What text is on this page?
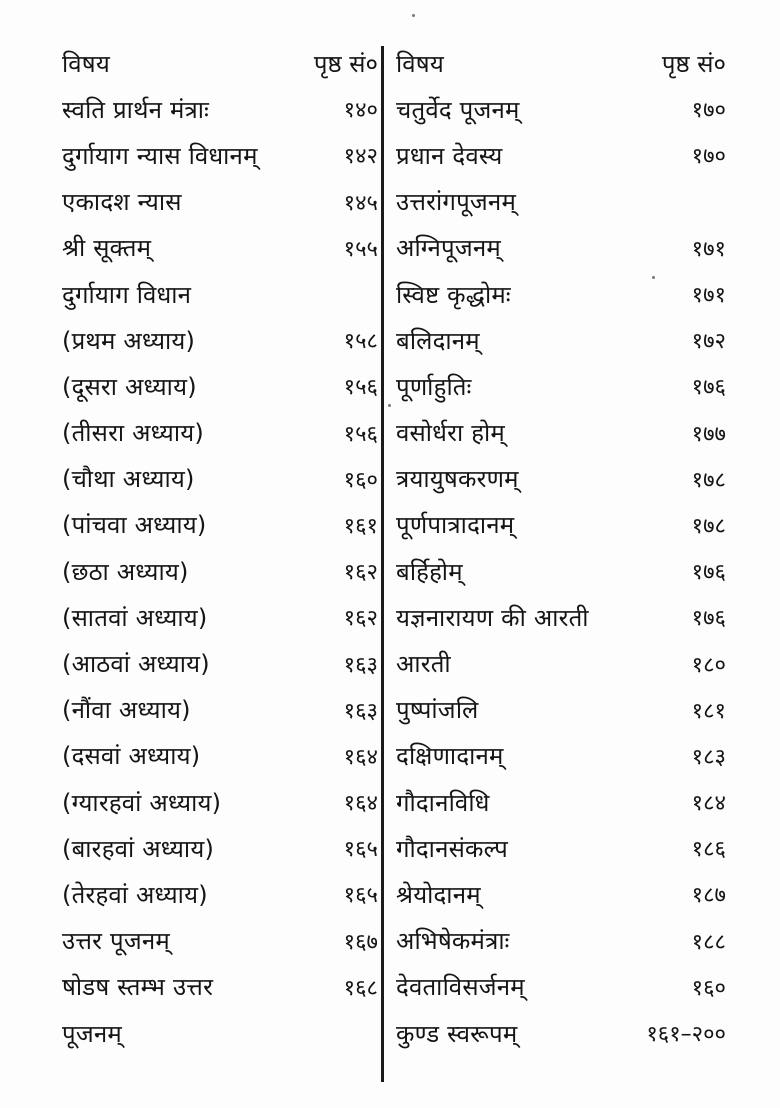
विषय	पृष्ठ सं०
स्वति प्रार्थन मंत्राः	१४०
दुर्गायाग न्यास विधानम्	१४२
एकादश न्यास	१४५
श्री सूक्तम्	१५५
दुर्गायाग विधान
(प्रथम अध्याय)	१५८
(दूसरा अध्याय)	१५६
(तीसरा अध्याय)	१५६
(चौथा अध्याय)	१६०
(पांचवा अध्याय)	१६१
(छठा अध्याय)	१६२
(सातवां अध्याय)	१६२
(आठवां अध्याय)	१६३
(नौंवा अध्याय)	१६३
(दसवां अध्याय)	१६४
(ग्यारहवां अध्याय)	१६४
(बारहवां अध्याय)	१६५
(तेरहवां अध्याय)	१६५
उत्तर पूजनम्	१६७
षोडष स्तम्भ उत्तर	१६८
पूजनम्
विषय	पृष्ठ सं०
चतुर्वेद पूजनम्	१७०
प्रधान देवस्य	१७०
उत्तरांगपूजनम्
अग्निपूजनम्	१७१
स्विष्ट कृद्धोमः	१७१
बलिदानम्	१७२
पूर्णाहुतिः	१७६
वसोर्धरा होम्	१७७
त्रयायुषकरणम्	१७८
पूर्णपात्रादानम्	१७८
बर्हिहोम्	१७६
यज्ञनारायण की आरती	१७६
आरती	१८०
पुष्पांजलि	१८१
दक्षिणादानम्	१८३
गौदानविधि	१८४
गौदानसंकल्प	१८६
श्रेयोदानम्	१८७
अभिषेकमंत्राः	१८८
देवताविसर्जनम्	१६०
कुण्ड स्वरूपम्	१६१–२००
